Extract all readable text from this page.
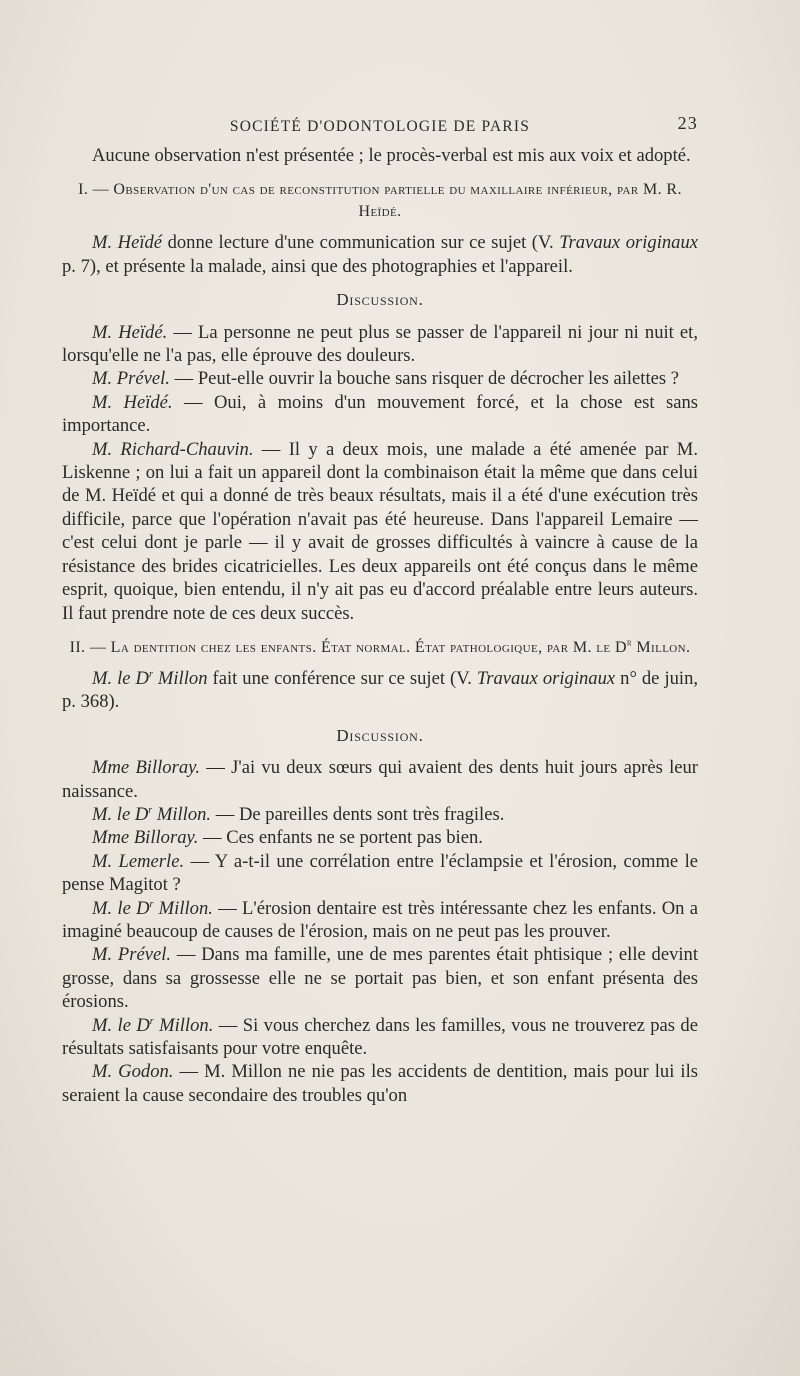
SOCIÉTÉ D'ODONTOLOGIE DE PARIS	23

Aucune observation n'est présentée ; le procès-verbal est mis aux voix et adopté.

I. — Observation d'un cas de reconstitution partielle du maxillaire inférieur, par M. R. Heïdé.

M. Heïdé donne lecture d'une communication sur ce sujet (V. Travaux originaux p. 7), et présente la malade, ainsi que des photographies et l'appareil.

Discussion.

M. Heïdé. — La personne ne peut plus se passer de l'appareil ni jour ni nuit et, lorsqu'elle ne l'a pas, elle éprouve des douleurs.

M. Prével. — Peut-elle ouvrir la bouche sans risquer de décrocher les ailettes ?

M. Heïdé. — Oui, à moins d'un mouvement forcé, et la chose est sans importance.

M. Richard-Chauvin. — Il y a deux mois, une malade a été amenée par M. Liskenne ; on lui a fait un appareil dont la combinaison était la même que dans celui de M. Heïdé et qui a donné de très beaux résultats, mais il a été d'une exécution très difficile, parce que l'opération n'avait pas été heureuse. Dans l'appareil Lemaire — c'est celui dont je parle — il y avait de grosses difficultés à vaincre à cause de la résistance des brides cicatricielles. Les deux appareils ont été conçus dans le même esprit, quoique, bien entendu, il n'y ait pas eu d'accord préalable entre leurs auteurs. Il faut prendre note de ces deux succès.

II. — La dentition chez les enfants. État normal. État pathologique, par M. le $D^r$ Millon.

M. le $D^r$ Millon fait une conférence sur ce sujet (V. Travaux originaux n° de juin, p. 368).

Discussion.

Mme Billoray. — J'ai vu deux sœurs qui avaient des dents huit jours après leur naissance.

M. le $D^r$ Millon. — De pareilles dents sont très fragiles.

Mme Billoray. — Ces enfants ne se portent pas bien.

M. Lemerle. — Y a-t-il une corrélation entre l'éclampsie et l'érosion, comme le pense Magitot ?

M. le $D^r$ Millon. — L'érosion dentaire est très intéressante chez les enfants. On a imaginé beaucoup de causes de l'érosion, mais on ne peut pas les prouver.

M. Prével. — Dans ma famille, une de mes parentes était phtisique ; elle devint grosse, dans sa grossesse elle ne se portait pas bien, et son enfant présenta des érosions.

M. le $D^r$ Millon. — Si vous cherchez dans les familles, vous ne trouverez pas de résultats satisfaisants pour votre enquête.

M. Godon. — M. Millon ne nie pas les accidents de dentition, mais pour lui ils seraient la cause secondaire des troubles qu'on
